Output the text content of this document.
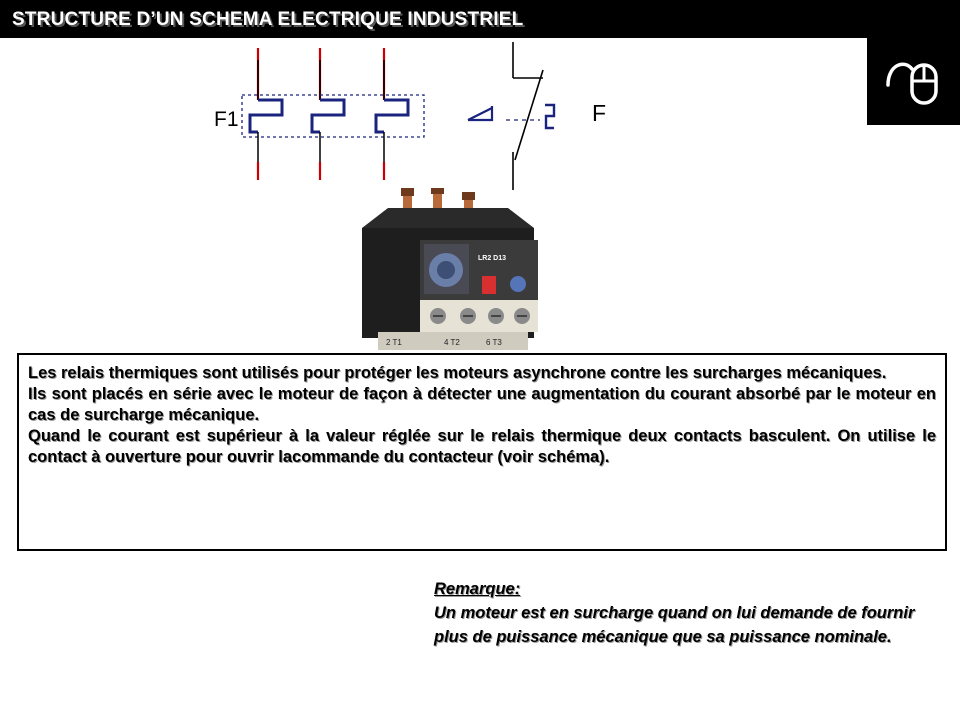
STRUCTURE D’UN SCHEMA ELECTRIQUE INDUSTRIEL
F1	F
LR2 D13
2 T1	4 T2	6 T3

Les relais thermiques sont utilisés pour protéger les moteurs asynchrone contre les surcharges mécaniques.

Ils sont placés en série avec le moteur de façon à détecter une augmentation du courant absorbé par le moteur en cas de surcharge mécanique.

Quand le courant est supérieur à la valeur réglée sur le relais thermique deux contacts basculent. On utilise le contact à ouverture pour ouvrir lacommande du contacteur (voir schéma).

Remarque:

Un moteur est en surcharge quand on lui demande de fournir plus de puissance mécanique que sa puissance nominale.
